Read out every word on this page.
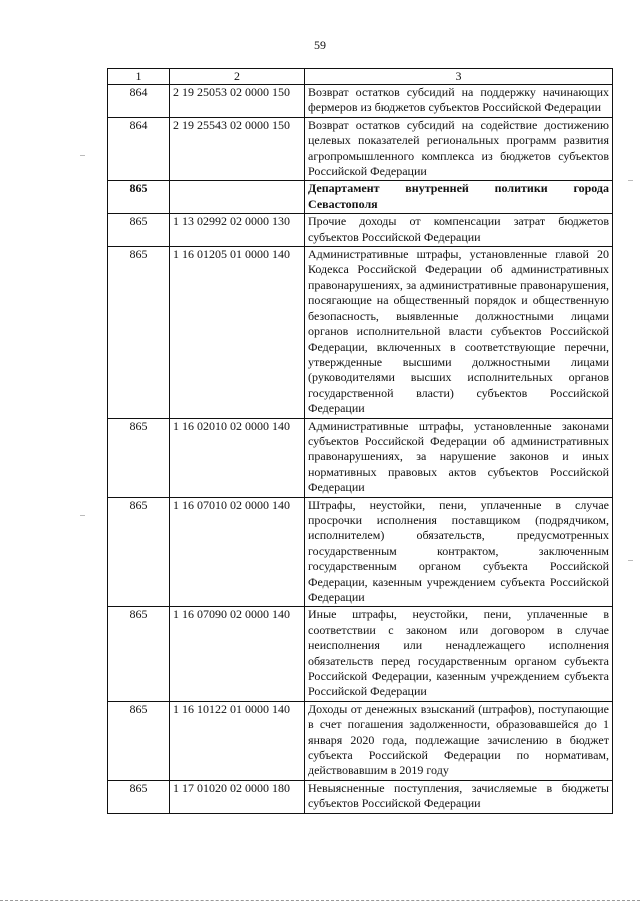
59
1	2	3
864	2 19 25053 02 0000 150	Возврат остатков субсидий на поддержку начинающих фермеров из бюджетов субъектов Российской Федерации
864	2 19 25543 02 0000 150	Возврат остатков субсидий на содействие достижению целевых показателей региональных программ развития агропромышленного комплекса из бюджетов субъектов Российской Федерации
865		Департамент внутренней политики города Севастополя
865	1 13 02992 02 0000 130	Прочие доходы от компенсации затрат бюджетов субъектов Российской Федерации
865	1 16 01205 01 0000 140	Административные штрафы, установленные главой 20 Кодекса Российской Федерации об административных правонарушениях, за административные правонарушения, посягающие на общественный порядок и общественную безопасность, выявленные должностными лицами органов исполнительной власти субъектов Российской Федерации, включенных в соответствующие перечни, утвержденные высшими должностными лицами (руководителями высших исполнительных органов государственной власти) субъектов Российской Федерации
865	1 16 02010 02 0000 140	Административные штрафы, установленные законами субъектов Российской Федерации об административных правонарушениях, за нарушение законов и иных нормативных правовых актов субъектов Российской Федерации
865	1 16 07010 02 0000 140	Штрафы, неустойки, пени, уплаченные в случае просрочки исполнения поставщиком (подрядчиком, исполнителем) обязательств, предусмотренных государственным контрактом, заключенным государственным органом субъекта Российской Федерации, казенным учреждением субъекта Российской Федерации
865	1 16 07090 02 0000 140	Иные штрафы, неустойки, пени, уплаченные в соответствии с законом или договором в случае неисполнения или ненадлежащего исполнения обязательств перед государственным органом субъекта Российской Федерации, казенным учреждением субъекта Российской Федерации
865	1 16 10122 01 0000 140	Доходы от денежных взысканий (штрафов), поступающие в счет погашения задолженности, образовавшейся до 1 января 2020 года, подлежащие зачислению в бюджет субъекта Российской Федерации по нормативам, действовавшим в 2019 году
865	1 17 01020 02 0000 180	Невыясненные поступления, зачисляемые в бюджеты субъектов Российской Федерации
